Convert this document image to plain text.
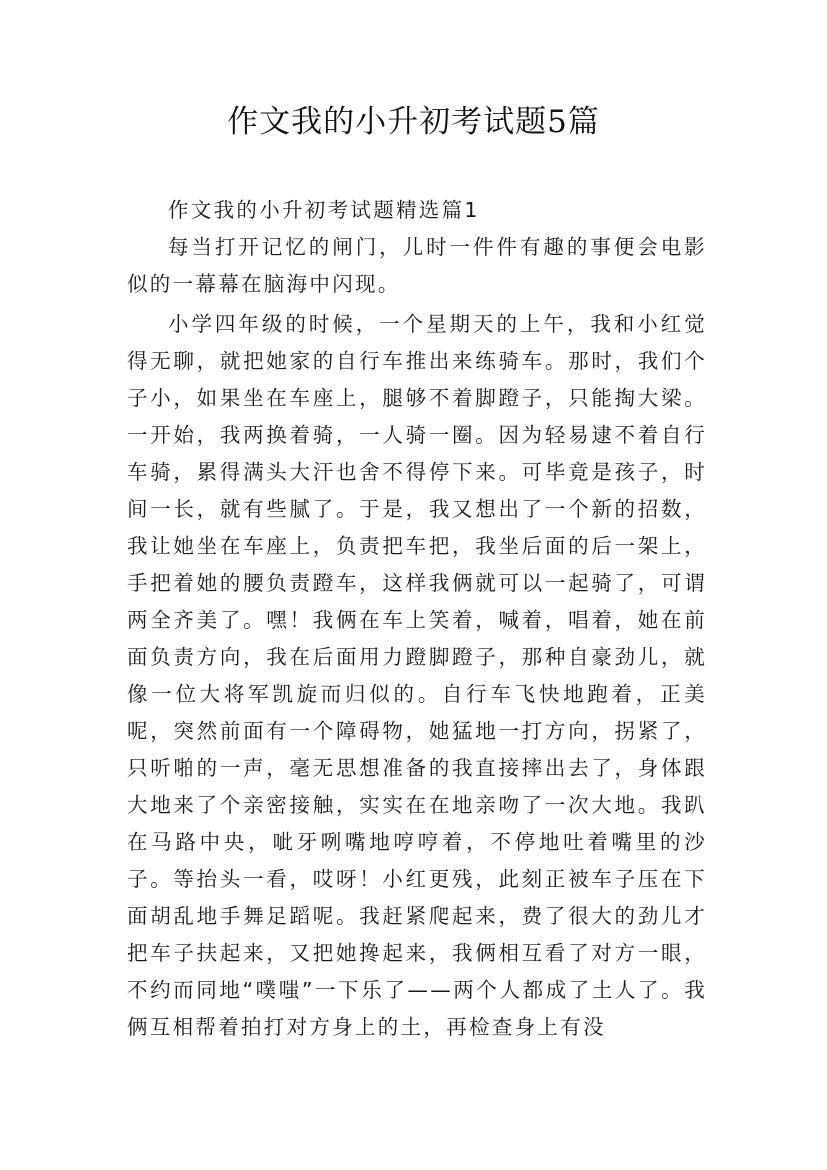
作文我的小升初考试题5篇

作文我的小升初考试题精选篇1

每当打开记忆的闸门，儿时一件件有趣的事便会电影似的一幕幕在脑海中闪现。

小学四年级的时候，一个星期天的上午，我和小红觉得无聊，就把她家的自行车推出来练骑车。那时，我们个子小，如果坐在车座上，腿够不着脚蹬子，只能掏大梁。一开始，我两换着骑，一人骑一圈。因为轻易逮不着自行车骑，累得满头大汗也舍不得停下来。可毕竟是孩子，时间一长，就有些腻了。于是，我又想出了一个新的招数，我让她坐在车座上，负责把车把，我坐后面的后一架上，手把着她的腰负责蹬车，这样我俩就可以一起骑了，可谓两全齐美了。嘿！我俩在车上笑着，喊着，唱着，她在前面负责方向，我在后面用力蹬脚蹬子，那种自豪劲儿，就像一位大将军凯旋而归似的。自行车飞快地跑着，正美呢，突然前面有一个障碍物，她猛地一打方向，拐紧了，只听啪的一声，毫无思想准备的我直接摔出去了，身体跟大地来了个亲密接触，实实在在地亲吻了一次大地。我趴在马路中央，呲牙咧嘴地哼哼着，不停地吐着嘴里的沙子。等抬头一看，哎呀！小红更残，此刻正被车子压在下面胡乱地手舞足蹈呢。我赶紧爬起来，费了很大的劲儿才把车子扶起来，又把她搀起来，我俩相互看了对方一眼，不约而同地“噗嗤”一下乐了——两个人都成了土人了。我俩互相帮着拍打对方身上的土，再检查身上有没
